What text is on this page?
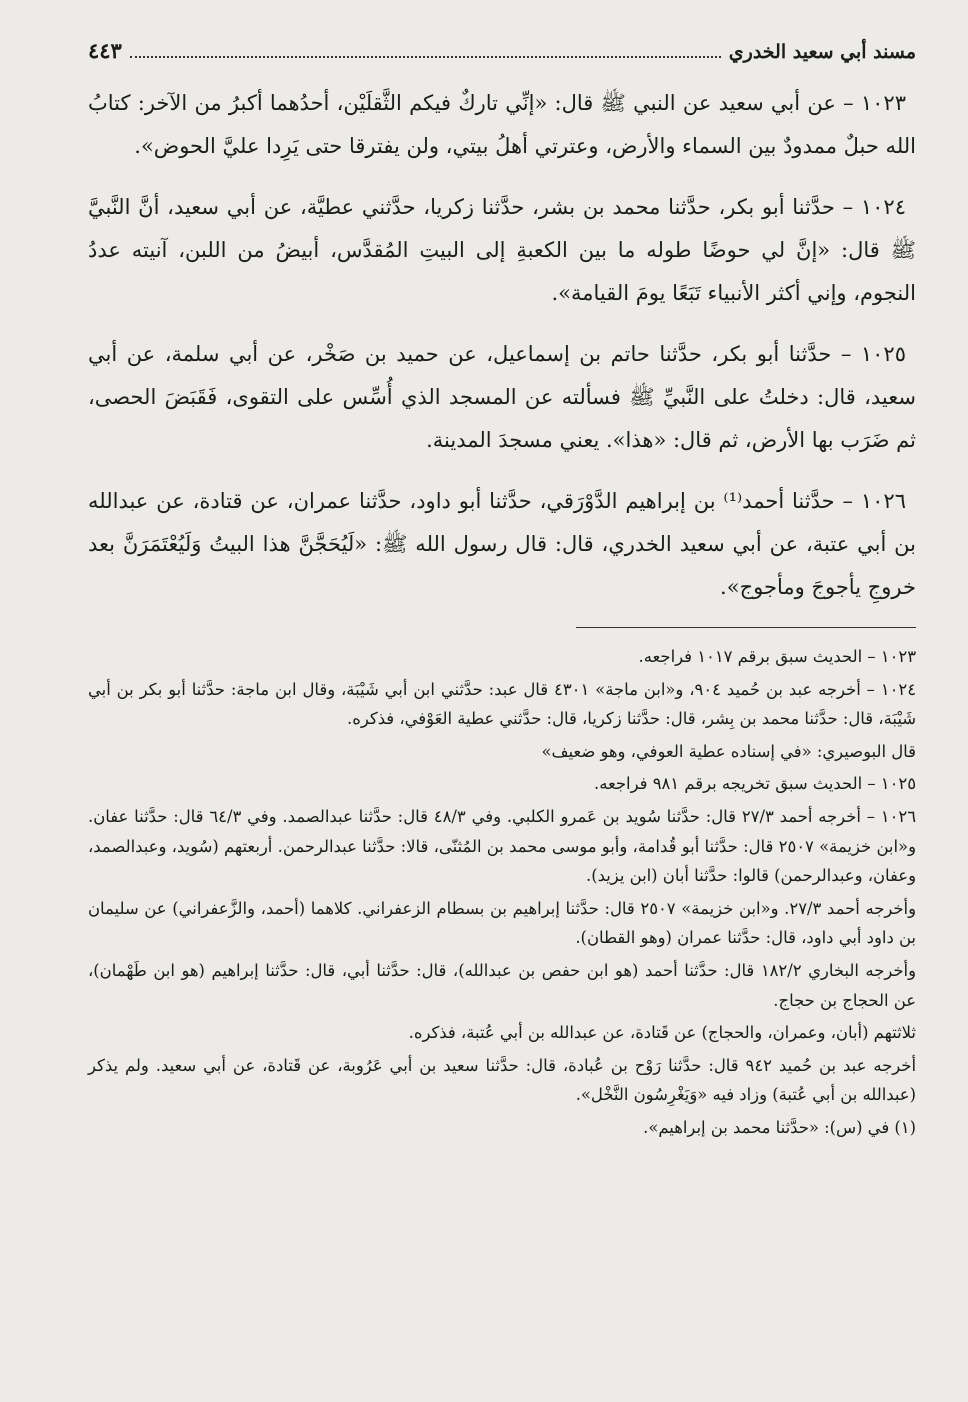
مسند أبي سعيد الخدري
٤٤٣

١٠٢٣ – عن أبي سعيد عن النبي ﷺ قال: «إنِّي تاركٌ فيكم الثَّقلَيْن، أحدُهما أكبرُ من الآخر: كتابُ الله حبلٌ ممدودٌ بين السماء والأرض، وعترتي أهلُ بيتي، ولن يفترقا حتى يَرِدا عليَّ الحوض».

١٠٢٤ – حدَّثنا أبو بكر، حدَّثنا محمد بن بشر، حدَّثنا زكريا، حدَّثني عطيَّة، عن أبي سعيد، أنَّ النَّبيَّ ﷺ قال: «إنَّ لي حوضًا طوله ما بين الكعبةِ إلى البيتِ المُقدَّس، أبيضُ من اللبن، آنيته عددُ النجوم، وإني أكثر الأنبياء تَبَعًا يومَ القيامة».

١٠٢٥ – حدَّثنا أبو بكر، حدَّثنا حاتم بن إسماعيل، عن حميد بن صَخْر، عن أبي سلمة، عن أبي سعيد، قال: دخلتُ على النَّبيِّ ﷺ فسألته عن المسجد الذي أُسِّس على التقوى، فَقَبَضَ الحصى، ثم ضَرَب بها الأرض، ثم قال: «هذا». يعني مسجدَ المدينة.

١٠٢٦ – حدَّثنا أحمد⁽¹⁾ بن إبراهيم الدَّوْرَقي، حدَّثنا أبو داود، حدَّثنا عمران، عن قتادة، عن عبدالله بن أبي عتبة، عن أبي سعيد الخدري، قال: قال رسول الله ﷺ: «لَيُحَجَّنَّ هذا البيتُ وَلَيُعْتَمَرَنَّ بعد خروجِ يأجوجَ ومأجوج».

١٠٢٣ – الحديث سبق برقم ١٠١٧ فراجعه.

١٠٢٤ – أخرجه عبد بن حُميد ٩٠٤، و«ابن ماجة» ٤٣٠١ قال عبد: حدَّثني ابن أبي شَيْبَة، وقال ابن ماجة: حدَّثنا أبو بكر بن أبي شَيْبَة، قال: حدَّثنا محمد بن بِشر، قال: حدَّثنا زكريا، قال: حدَّثني عطية العَوْفي، فذكره.

قال البوصيري: «في إسناده عطية العوفي، وهو ضعيف»

١٠٢٥ – الحديث سبق تخريجه برقم ٩٨١ فراجعه.

١٠٢٦ – أخرجه أحمد ٢٧/٣ قال: حدَّثنا سُويد بن عَمرو الكلبي. وفي ٤٨/٣ قال: حدَّثنا عبدالصمد. وفي ٦٤/٣ قال: حدَّثنا عفان. و«ابن خزيمة» ٢٥٠٧ قال: حدَّثنا أبو قُدامة، وأبو موسى محمد بن المُثنّى، قالا: حدَّثنا عبدالرحمن. أربعتهم (سُويد، وعبدالصمد، وعفان، وعبدالرحمن) قالوا: حدَّثنا أبان (ابن يزيد).

وأخرجه أحمد ٢٧/٣. و«ابن خزيمة» ٢٥٠٧ قال: حدَّثنا إبراهيم بن بسطام الزعفراني. كلاهما (أحمد، والزَّعفراني) عن سليمان بن داود أبي داود، قال: حدَّثنا عمران (وهو القطان).

وأخرجه البخاري ١٨٢/٢ قال: حدَّثنا أحمد (هو ابن حفص بن عبدالله)، قال: حدَّثنا أبي، قال: حدَّثنا إبراهيم (هو ابن طَهْمان)، عن الحجاج بن حجاج.

ثلاثتهم (أبان، وعمران، والحجاج) عن قَتادة، عن عبدالله بن أبي عُتبة، فذكره.

أخرجه عبد بن حُميد ٩٤٢ قال: حدَّثنا رَوْح بن عُبادة، قال: حدَّثنا سعيد بن أبي عَرُوبة، عن قَتادة، عن أبي سعيد. ولم يذكر (عبدالله بن أبي عُتبة) وزاد فيه «وَيَغْرِسُون النَّخْل».

(١) في (س): «حدَّثنا محمد بن إبراهيم».
